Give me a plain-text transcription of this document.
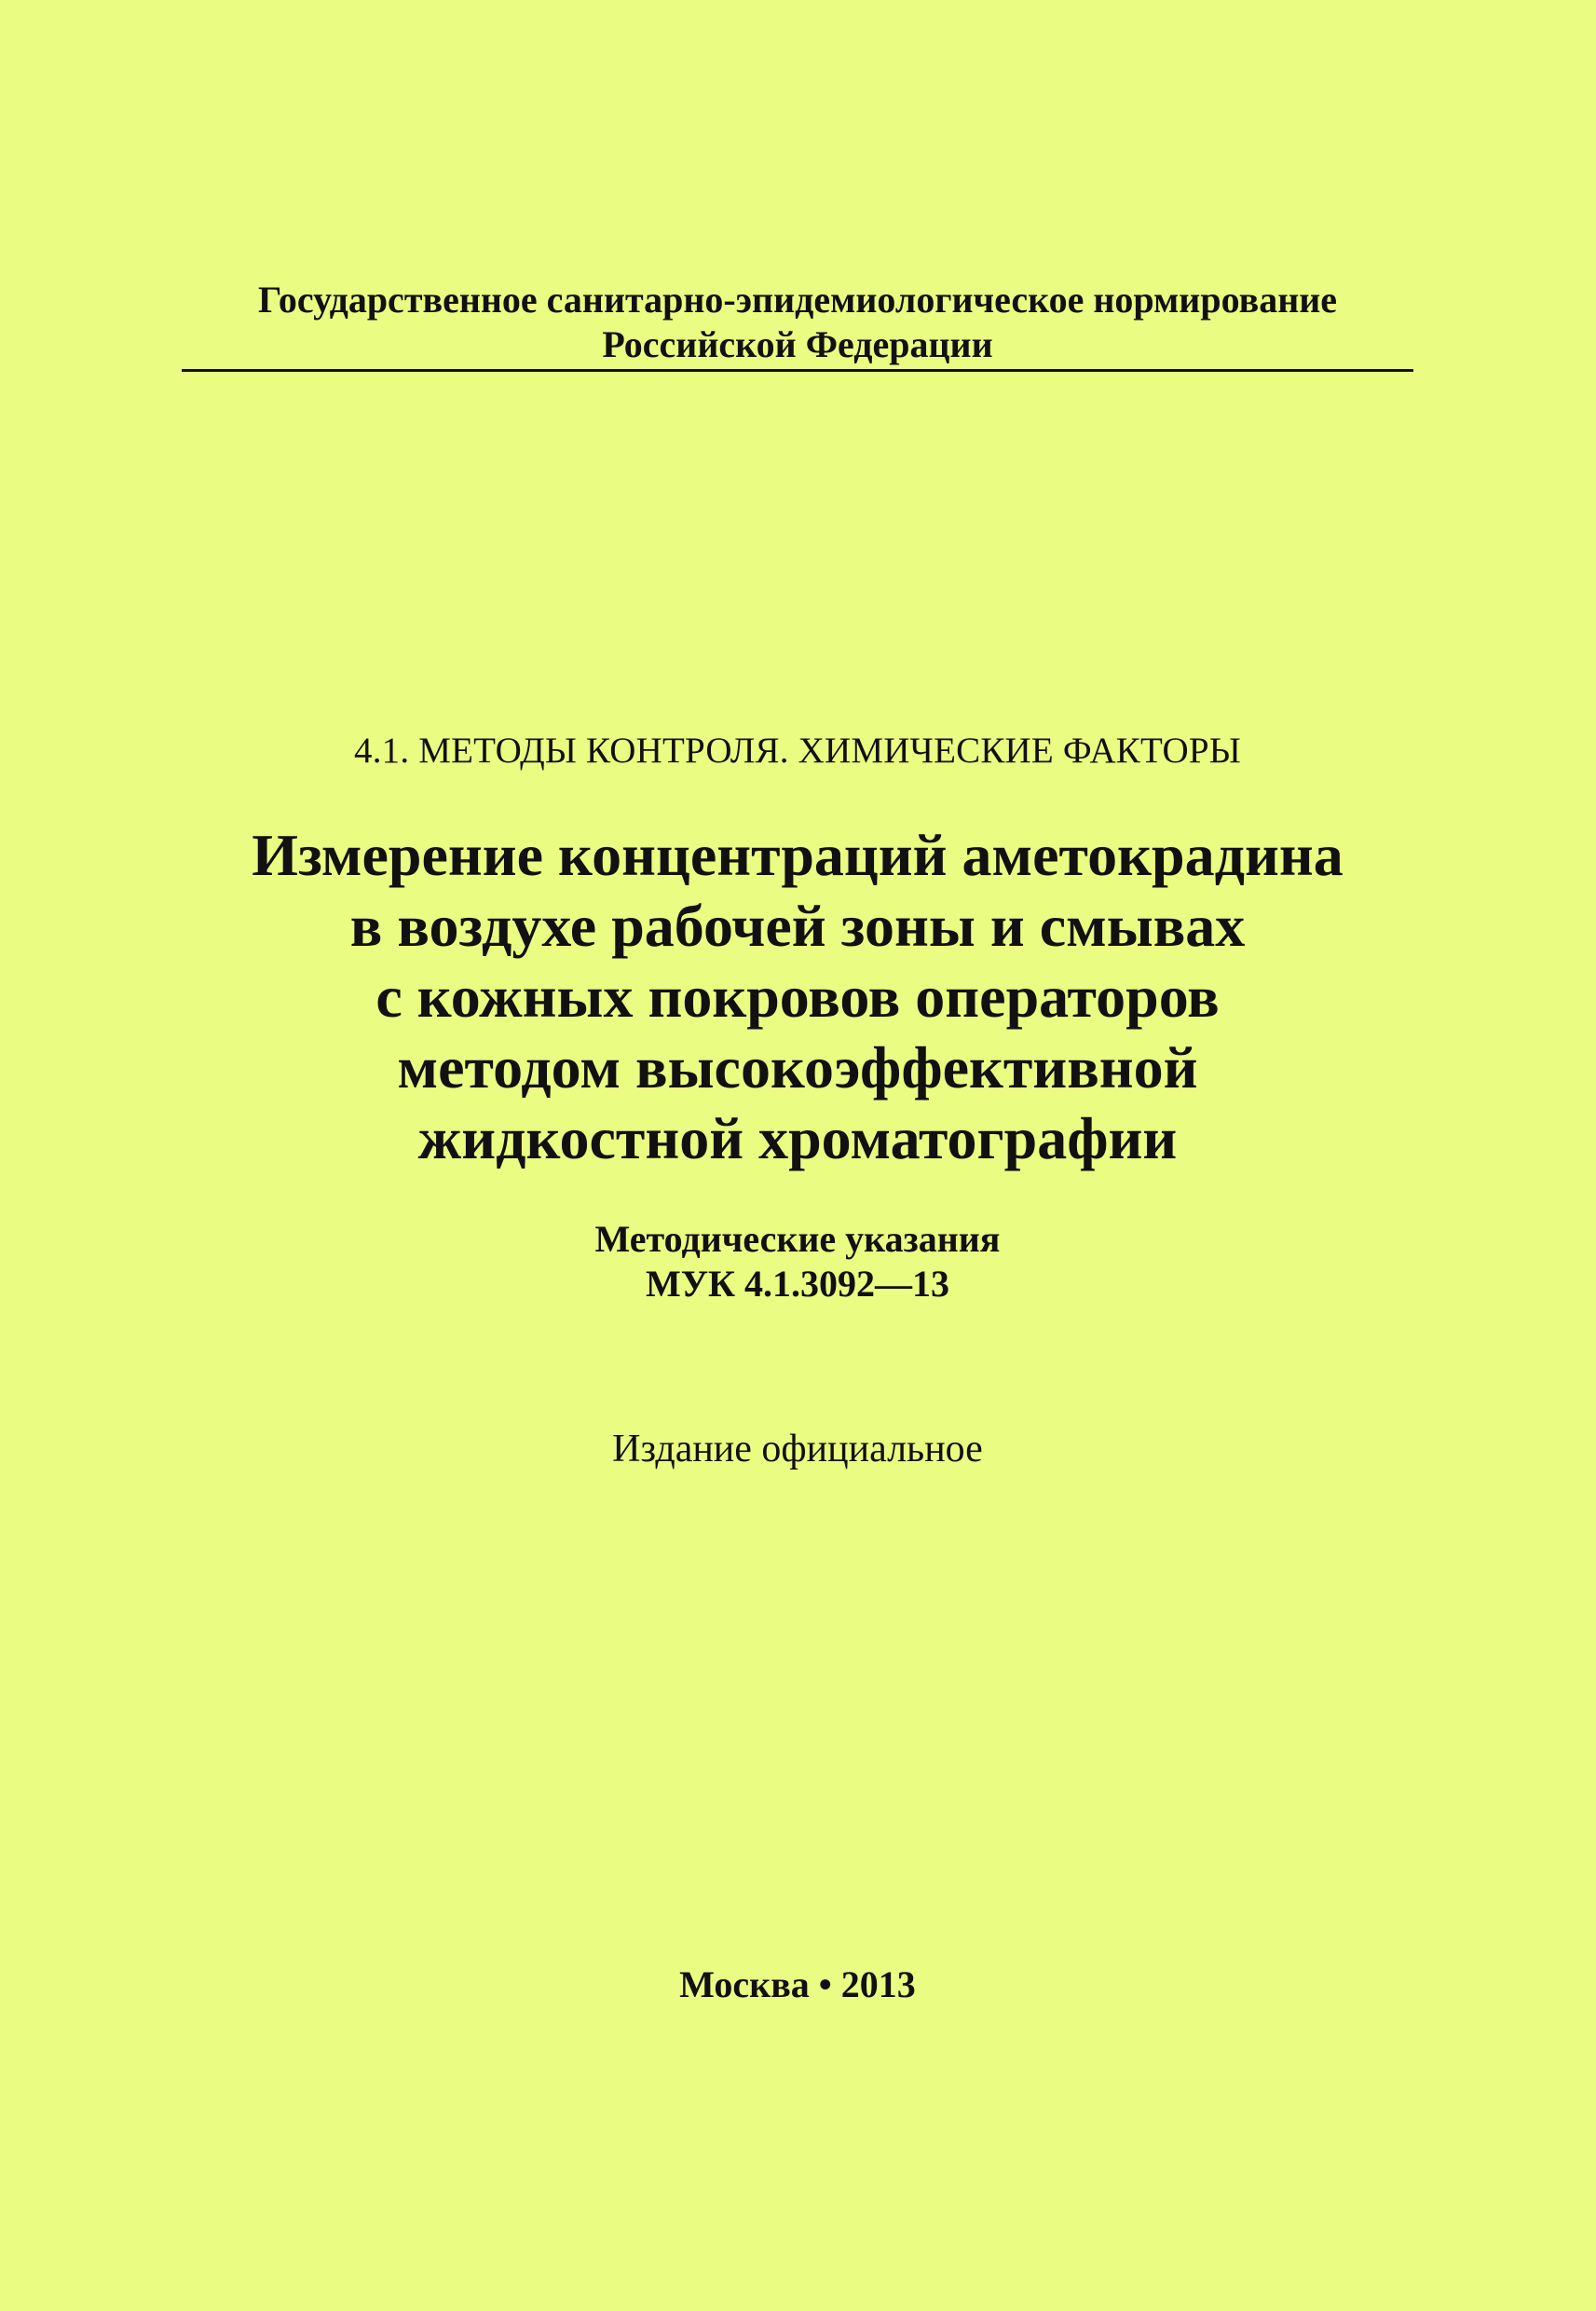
Государственное санитарно-эпидемиологическое нормирование
Российской Федерации
4.1. МЕТОДЫ КОНТРОЛЯ. ХИМИЧЕСКИЕ ФАКТОРЫ
Измерение концентраций аметокрадина
в воздухе рабочей зоны и смывах
с кожных покровов операторов
методом высокоэффективной
жидкостной хроматографии
Методические указания
МУК 4.1.3092—13
Издание официальное
Москва • 2013
